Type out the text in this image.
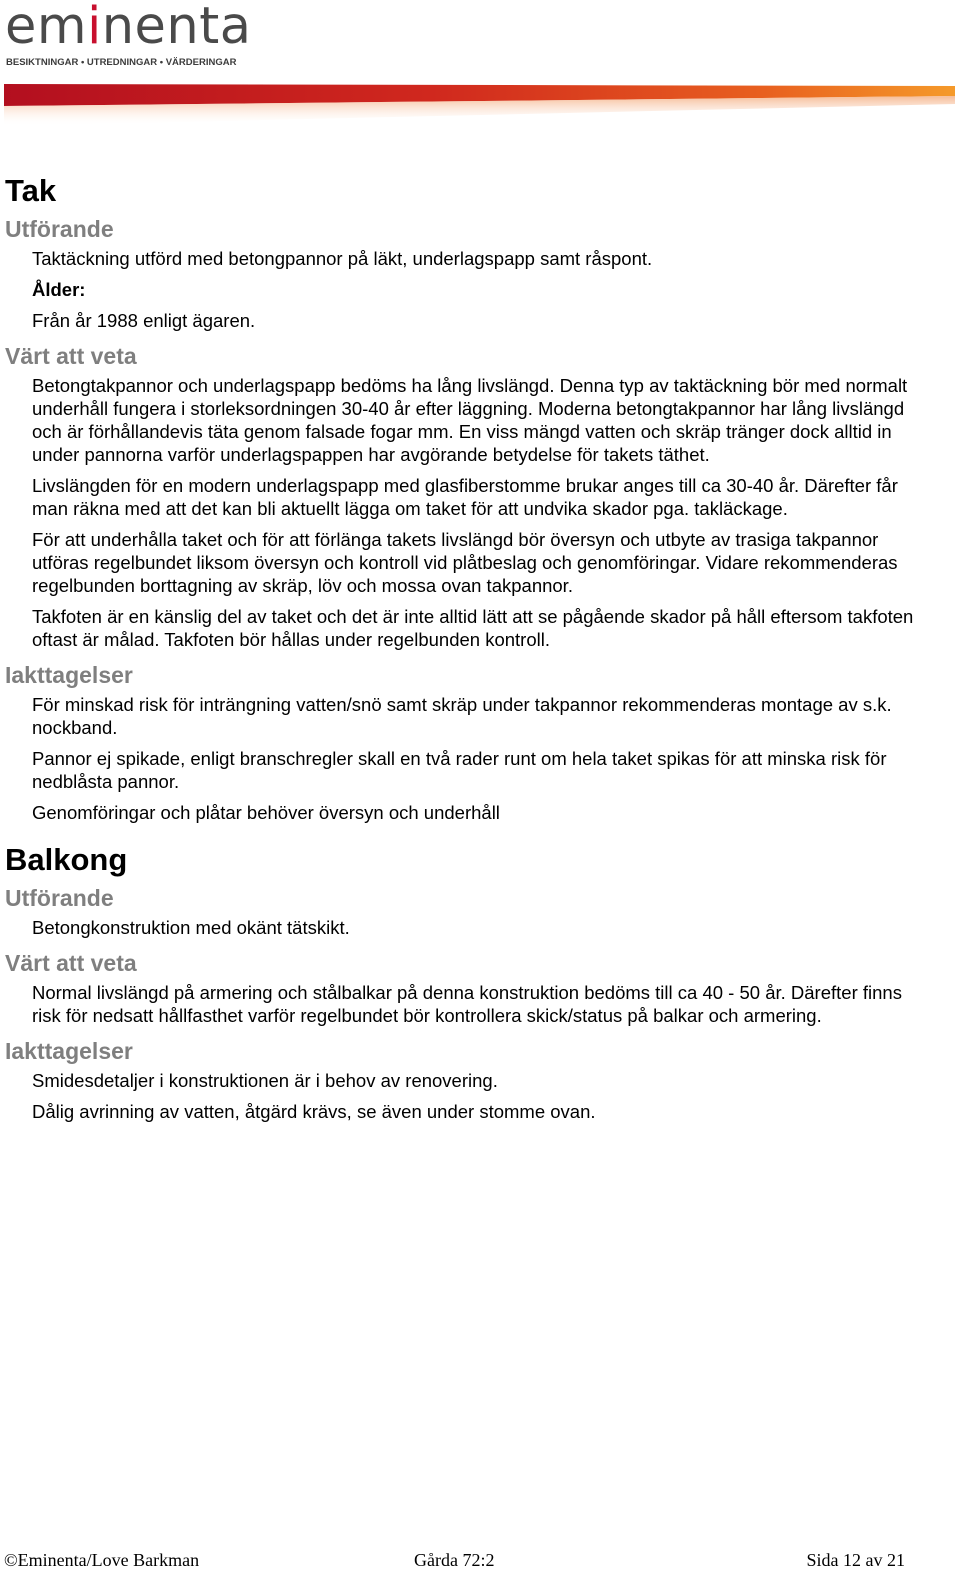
eminenta
BESIKTNINGAR • UTREDNINGAR • VÄRDERINGAR
Tak
Utförande

Taktäckning utförd med betongpannor på läkt, underlagspapp samt råspont.

Ålder:

Från år 1988 enligt ägaren.

Värt att veta

Betongtakpannor och underlagspapp bedöms ha lång livslängd. Denna typ av taktäckning bör med normalt underhåll fungera i storleksordningen 30-40 år efter läggning. Moderna betongtakpannor har lång livslängd och är förhållandevis täta genom falsade fogar mm. En viss mängd vatten och skräp tränger dock alltid in under pannorna varför underlagspappen har avgörande betydelse för takets täthet.

Livslängden för en modern underlagspapp med glasfiberstomme brukar anges till ca 30-40 år. Därefter får man räkna med att det kan bli aktuellt lägga om taket för att undvika skador pga. takläckage.

För att underhålla taket och för att förlänga takets livslängd bör översyn och utbyte av trasiga takpannor utföras regelbundet liksom översyn och kontroll vid plåtbeslag och genomföringar. Vidare rekommenderas regelbunden borttagning av skräp, löv och mossa ovan takpannor.

Takfoten är en känslig del av taket och det är inte alltid lätt att se pågående skador på håll eftersom takfoten oftast är målad. Takfoten bör hållas under regelbunden kontroll.

Iakttagelser

För minskad risk för inträngning vatten/snö samt skräp under takpannor rekommenderas montage av s.k. nockband.

Pannor ej spikade, enligt branschregler skall en två rader runt om hela taket spikas för att minska risk för nedblåsta pannor.

Genomföringar och plåtar behöver översyn och underhåll

Balkong
Utförande

Betongkonstruktion med okänt tätskikt.

Värt att veta

Normal livslängd på armering och stålbalkar på denna konstruktion bedöms till ca 40 - 50 år. Därefter finns risk för nedsatt hållfasthet varför regelbundet bör kontrollera skick/status på balkar och armering.

Iakttagelser

Smidesdetaljer i konstruktionen är i behov av renovering.

Dålig avrinning av vatten, åtgärd krävs, se även under stomme ovan.

©Eminenta/Love Barkman	Gårda 72:2	Sida 12 av 21
